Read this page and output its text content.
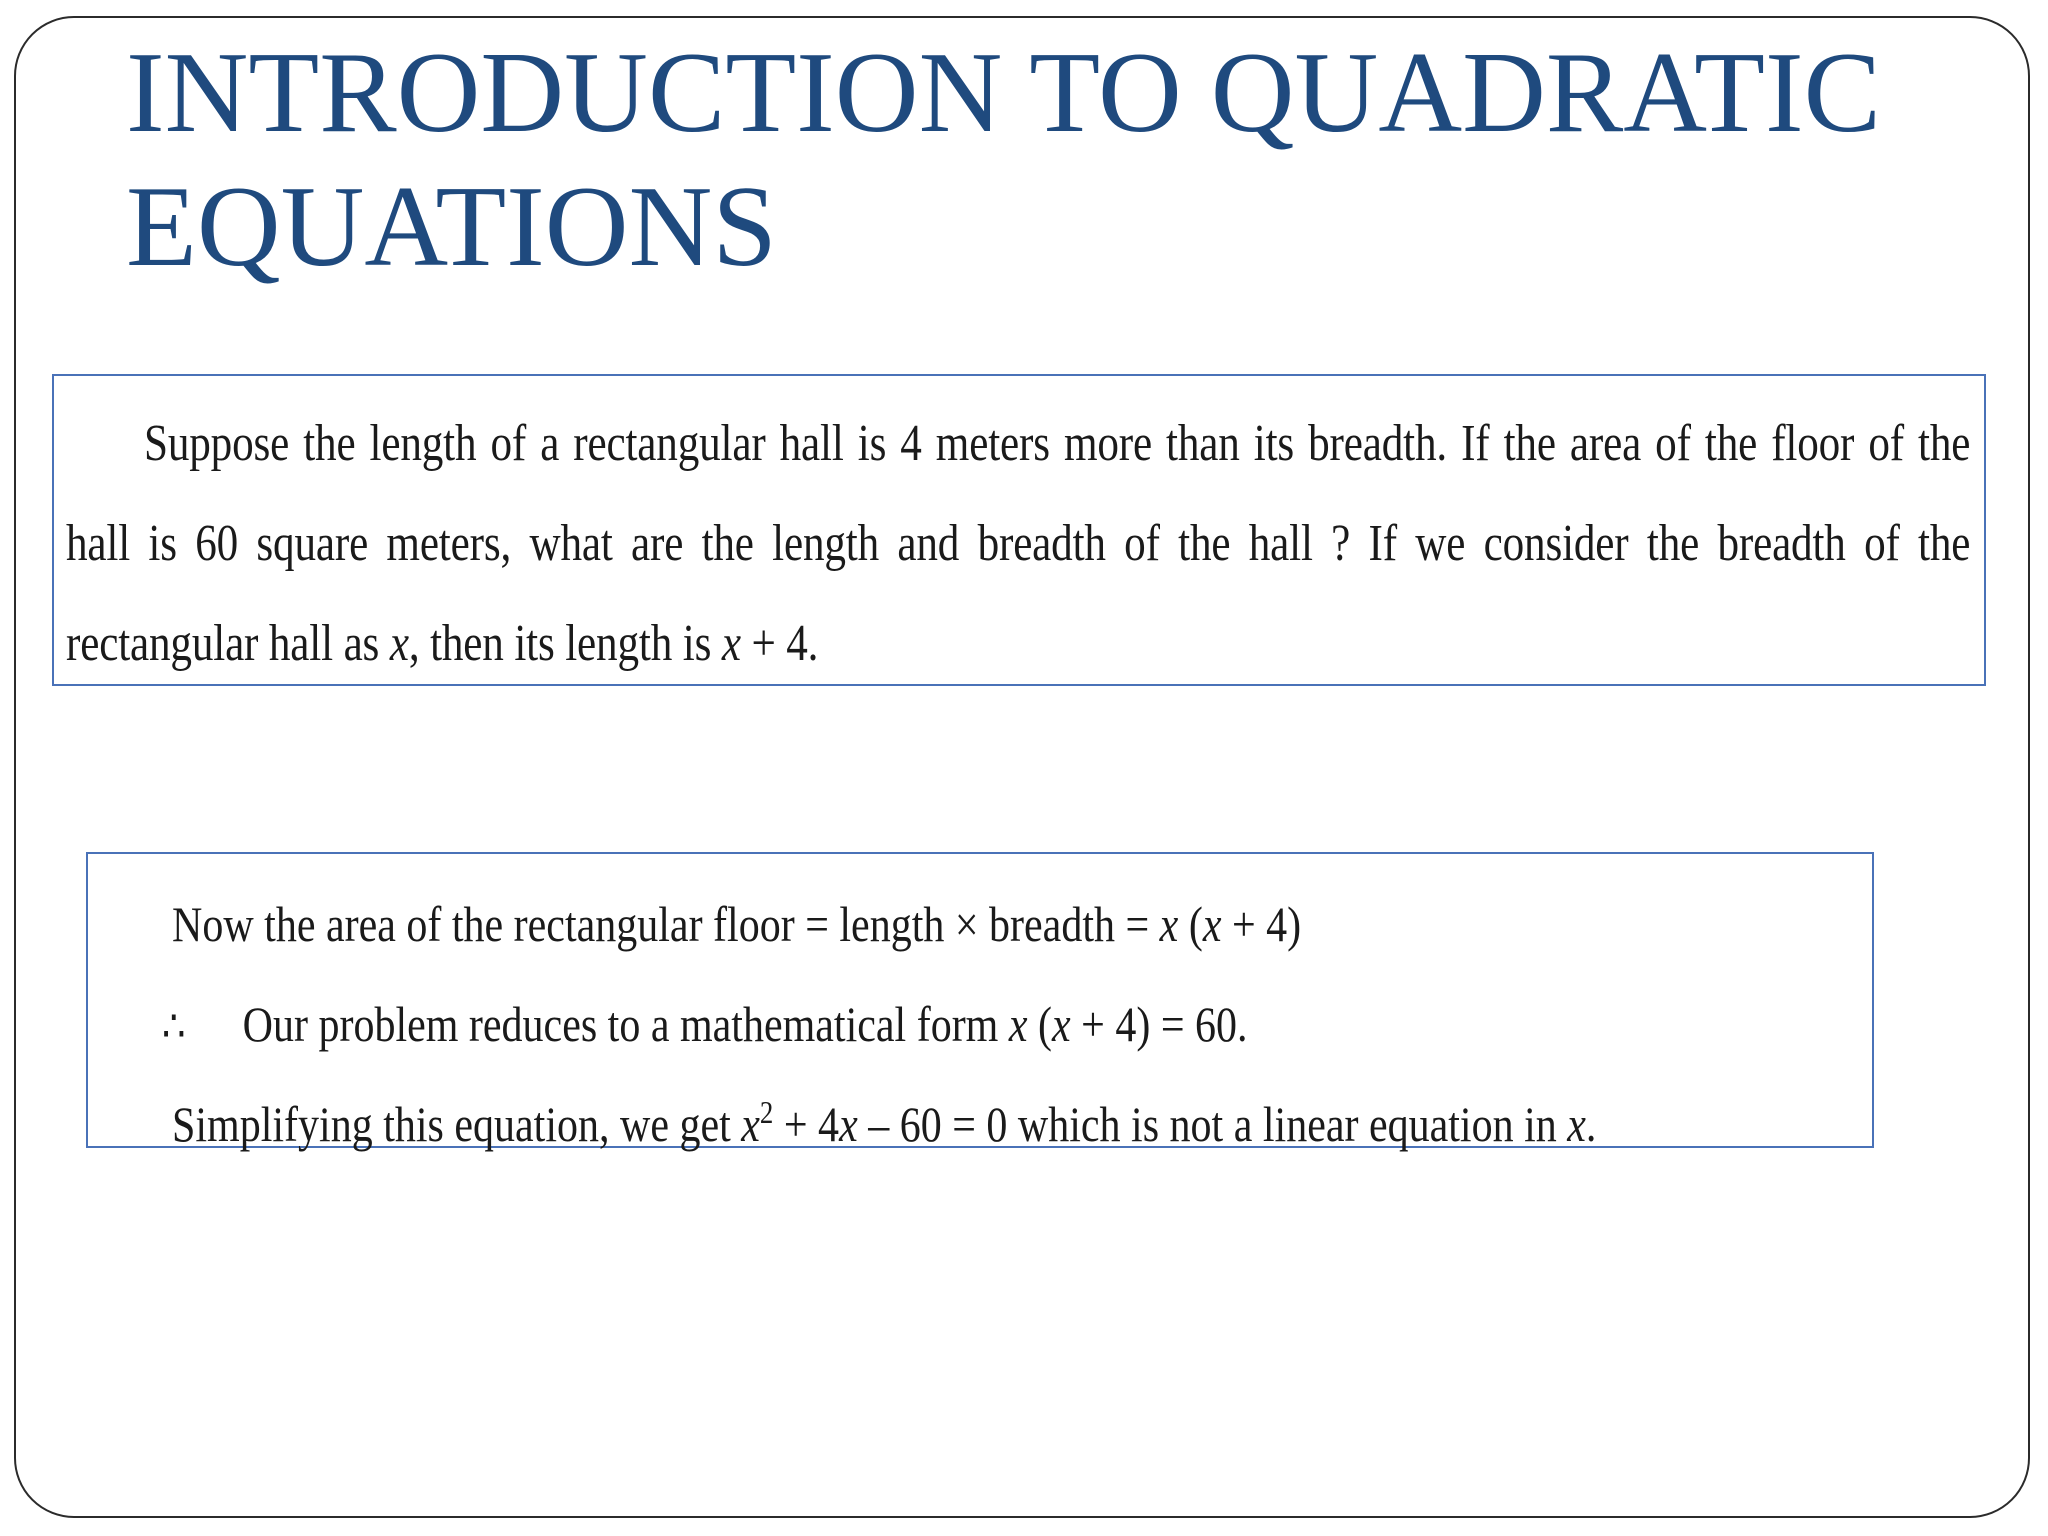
INTRODUCTION TO QUADRATIC
EQUATIONS

Suppose the length of a rectangular hall is 4 meters more than its breadth. If the area of the floor of the hall is 60 square meters, what are the length and breadth of the hall ? If we consider the breadth of the rectangular hall as x, then its length is x + 4.

Now the area of the rectangular floor = length × breadth = x (x + 4)
∴ Our problem reduces to a mathematical form x (x + 4) = 60.
Simplifying this equation, we get $x^2 + 4x - 60 = 0$ which is not a linear equation in x.
